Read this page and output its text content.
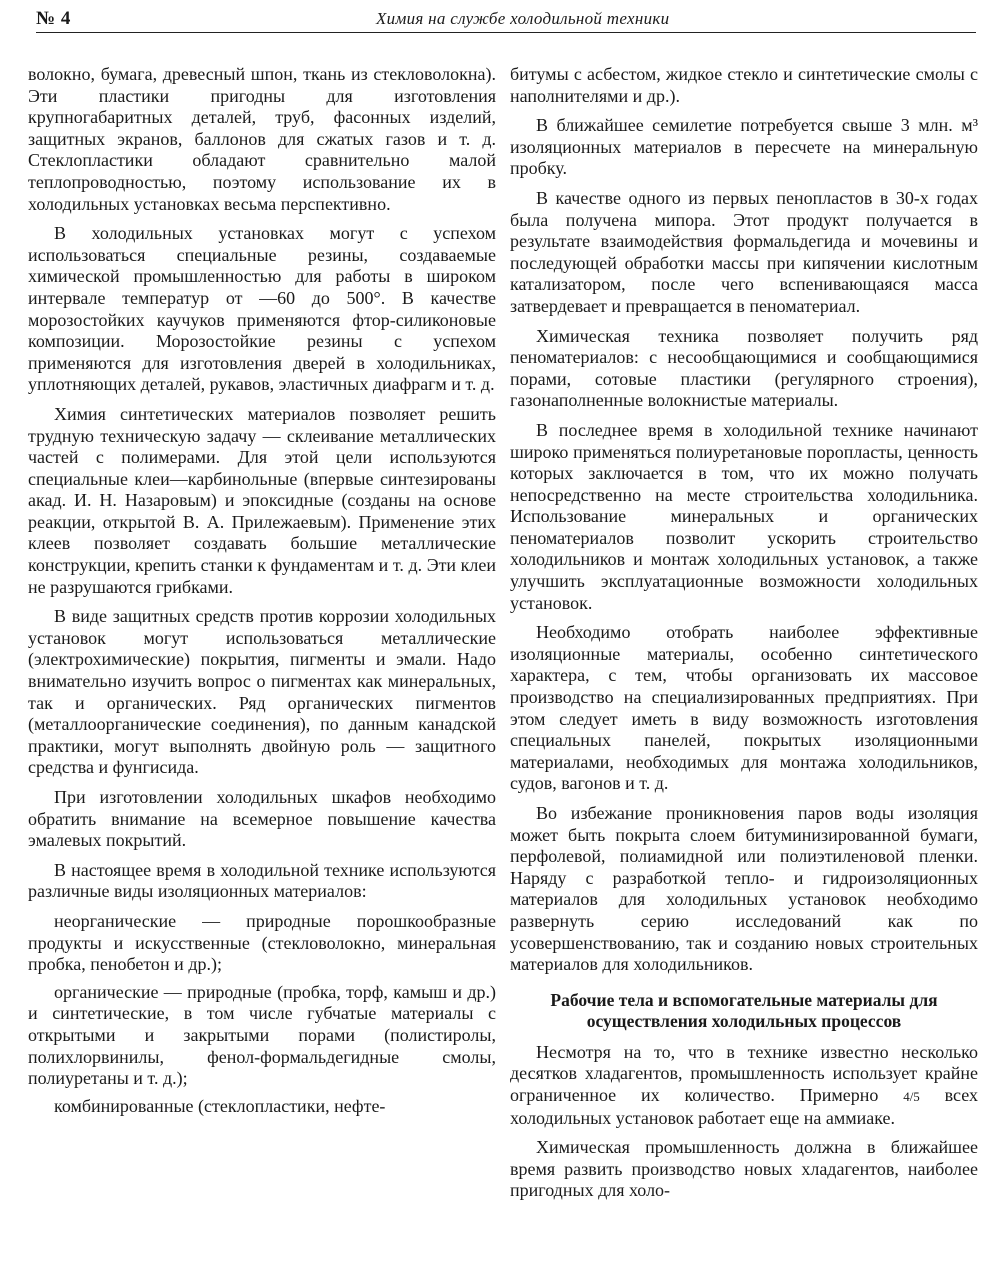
№ 4	Химия на службе холодильной техники

волокно, бумага, древесный шпон, ткань из стекловолокна). Эти пластики пригодны для изготовления крупногабаритных деталей, труб, фасонных изделий, защитных экранов, баллонов для сжатых газов и т. д. Стеклопластики обладают сравнительно малой теплопроводностью, поэтому использование их в холодильных установках весьма перспективно.

В холодильных установках могут с успехом использоваться специальные резины, создаваемые химической промышленностью для работы в широком интервале температур от —60 до 500°. В качестве морозостойких каучуков применяются фтор-силиконовые композиции. Морозостойкие резины с успехом применяются для изготовления дверей в холодильниках, уплотняющих деталей, рукавов, эластичных диафрагм и т. д.

Химия синтетических материалов позволяет решить трудную техническую задачу — склеивание металлических частей с полимерами. Для этой цели используются специальные клеи—карбинольные (впервые синтезированы акад. И. Н. Назаровым) и эпоксидные (созданы на основе реакции, открытой В. А. Прилежаевым). Применение этих клеев позволяет создавать большие металлические конструкции, крепить станки к фундаментам и т. д. Эти клеи не разрушаются грибками.

В виде защитных средств против коррозии холодильных установок могут использоваться металлические (электрохимические) покрытия, пигменты и эмали. Надо внимательно изучить вопрос о пигментах как минеральных, так и органических. Ряд органических пигментов (металлоорганические соединения), по данным канадской практики, могут выполнять двойную роль — защитного средства и фунгисида.

При изготовлении холодильных шкафов необходимо обратить внимание на всемерное повышение качества эмалевых покрытий.

В настоящее время в холодильной технике используются различные виды изоляционных материалов:

неорганические — природные порошкообразные продукты и искусственные (стекловолокно, минеральная пробка, пенобетон и др.);

органические — природные (пробка, торф, камыш и др.) и синтетические, в том числе губчатые материалы с открытыми и закрытыми порами (полистиролы, полихлорвинилы, фенол-формальдегидные смолы, полиуретаны и т. д.);

комбинированные (стеклопластики, нефте-

битумы с асбестом, жидкое стекло и синтетические смолы с наполнителями и др.).

В ближайшее семилетие потребуется свыше 3 млн. м³ изоляционных материалов в пересчете на минеральную пробку.

В качестве одного из первых пенопластов в 30-х годах была получена мипора. Этот продукт получается в результате взаимодействия формальдегида и мочевины и последующей обработки массы при кипячении кислотным катализатором, после чего вспенивающаяся масса затвердевает и превращается в пеноматериал.

Химическая техника позволяет получить ряд пеноматериалов: с несообщающимися и сообщающимися порами, сотовые пластики (регулярного строения), газонаполненные волокнистые материалы.

В последнее время в холодильной технике начинают широко применяться полиуретановые поропласты, ценность которых заключается в том, что их можно получать непосредственно на месте строительства холодильника. Использование минеральных и органических пеноматериалов позволит ускорить строительство холодильников и монтаж холодильных установок, а также улучшить эксплуатационные возможности холодильных установок.

Необходимо отобрать наиболее эффективные изоляционные материалы, особенно синтетического характера, с тем, чтобы организовать их массовое производство на специализированных предприятиях. При этом следует иметь в виду возможность изготовления специальных панелей, покрытых изоляционными материалами, необходимых для монтажа холодильников, судов, вагонов и т. д.

Во избежание проникновения паров воды изоляция может быть покрыта слоем битуминизированной бумаги, перфолевой, полиамидной или полиэтиленовой пленки. Наряду с разработкой тепло- и гидроизоляционных материалов для холодильных установок необходимо развернуть серию исследований как по усовершенствованию, так и созданию новых строительных материалов для холодильников.

Рабочие тела и вспомогательные материалы для осуществления холодильных процессов

Несмотря на то, что в технике известно несколько десятков хладагентов, промышленность использует крайне ограниченное их количество. Примерно 4/5 всех холодильных установок работает еще на аммиаке.

Химическая промышленность должна в ближайшее время развить производство новых хладагентов, наиболее пригодных для холо-
